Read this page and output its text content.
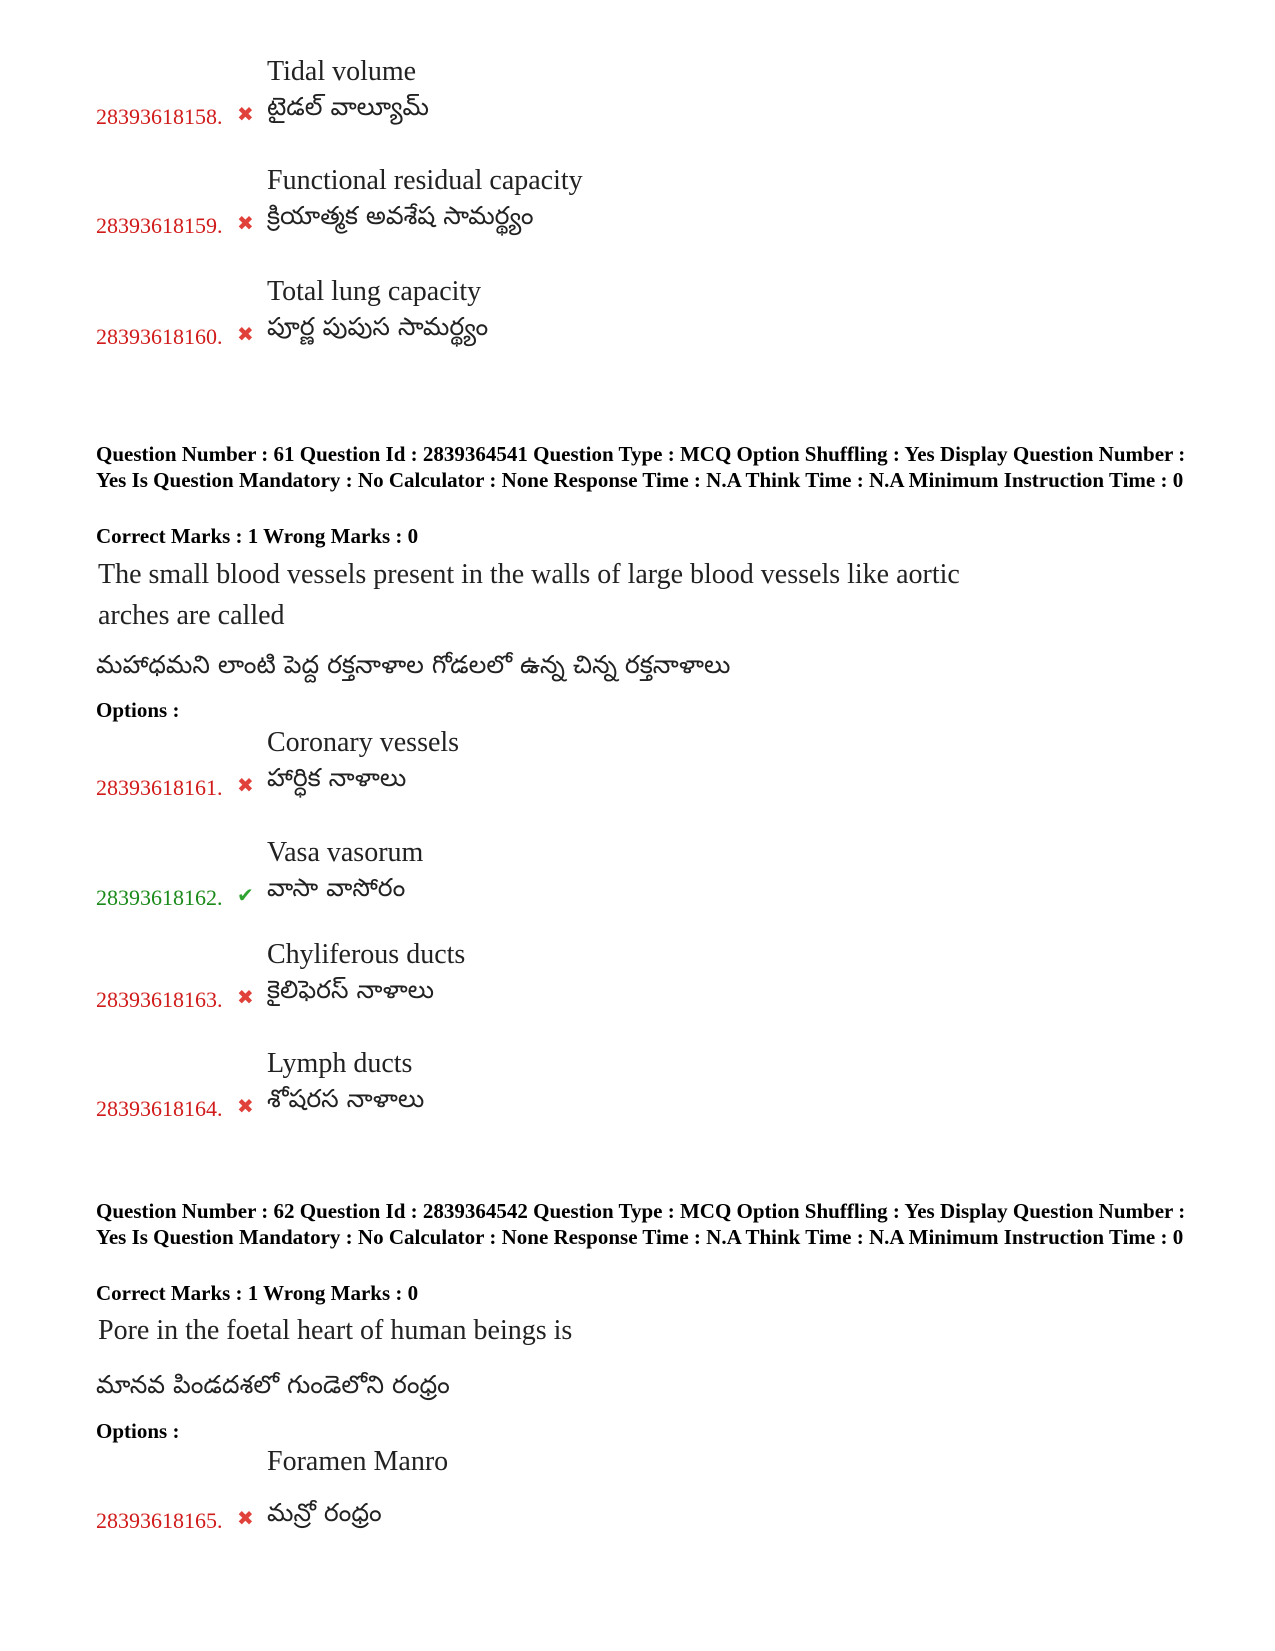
Tidal volume
టైడల్ వాల్యూమ్
28393618158. ✖
Functional residual capacity
క్రియాత్మక అవశేష సామర్థ్యం
28393618159. ✖
Total lung capacity
పూర్ణ పుపుస సామర్థ్యం
28393618160. ✖
Question Number : 61 Question Id : 2839364541 Question Type : MCQ Option Shuffling : Yes Display Question Number : Yes Is Question Mandatory : No Calculator : None Response Time : N.A Think Time : N.A Minimum Instruction Time : 0
Correct Marks : 1 Wrong Marks : 0
The small blood vessels present in the walls of large blood vessels like aortic arches are called
మహాధమని లాంటి పెద్ద రక్తనాళాల గోడలలో ఉన్న చిన్న రక్తనాళాలు
Options :
Coronary vessels
హార్ధిక నాళాలు
28393618161. ✖
Vasa vasorum
వాసా వాసోరం
28393618162. ✔
Chyliferous ducts
కైలిఫెరస్ నాళాలు
28393618163. ✖
Lymph ducts
శోషరస నాళాలు
28393618164. ✖
Question Number : 62 Question Id : 2839364542 Question Type : MCQ Option Shuffling : Yes Display Question Number : Yes Is Question Mandatory : No Calculator : None Response Time : N.A Think Time : N.A Minimum Instruction Time : 0
Correct Marks : 1 Wrong Marks : 0
Pore in the foetal heart of human beings is
మానవ పిండదశలో గుండెలోని రంధ్రం
Options :
Foramen Manro
మన్రో రంధ్రం
28393618165. ✖
